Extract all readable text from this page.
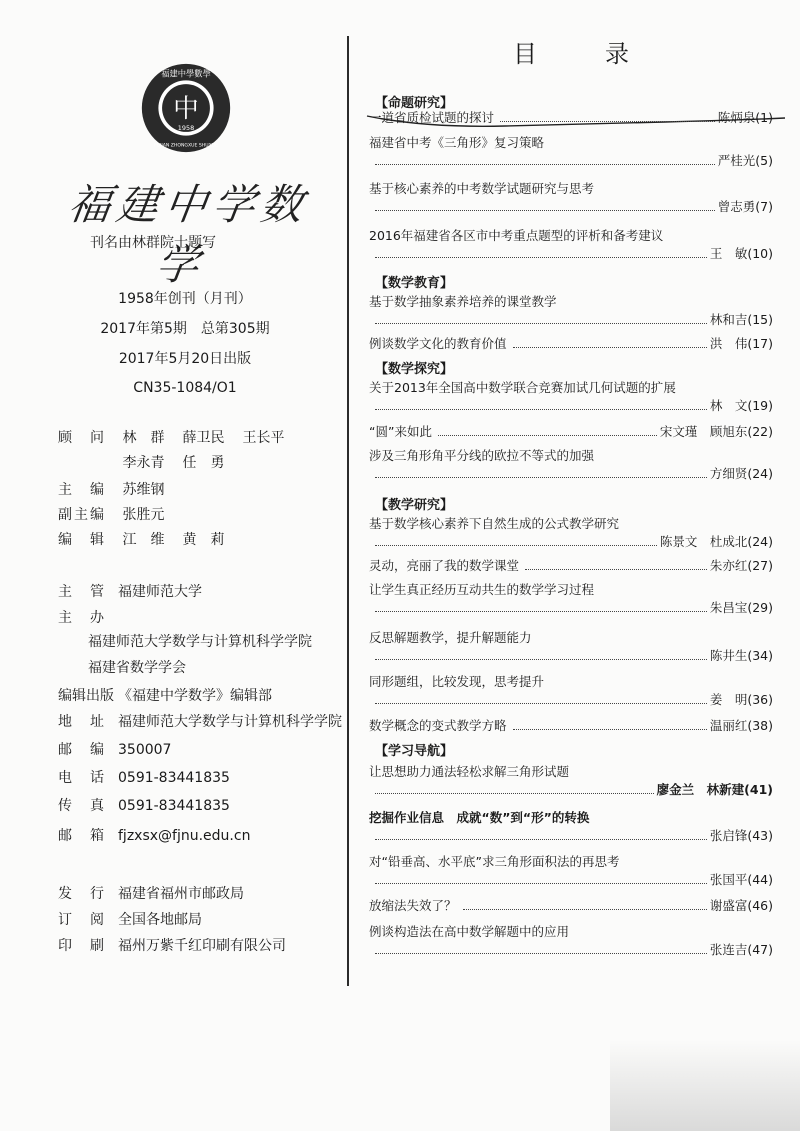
中
1958
福建中學數學
FUJIAN ZHONGXUE SHUXUE
福建中学数学
刊名由林群院士题写
1958年创刊（月刊）
2017年第5期　总第305期
2017年5月20日出版
CN35-1084/O1
顾　问 林　群 薛卫民 王长平
李永青 任　勇
主　编 苏维钢
副主编 张胜元
编　辑 江　维 黄　莉
主　管 福建师范大学
主　办
福建师范大学数学与计算机科学学院
福建省数学学会
编辑出版 《福建中学数学》编辑部
地　址 福建师范大学数学与计算机科学学院
邮　编 350007
电　话 0591-83441835
传　真 0591-83441835
邮　箱 fjzxsx@fjnu.edu.cn
发　行 福建省福州市邮政局
订　阅 全国各地邮局
印　刷 福州万紫千红印刷有限公司
目　录
【命题研究】
一道省质检试题的探讨	陈炳泉(1)
福建省中考《三角形》复习策略
严桂光(5)
基于核心素养的中考数学试题研究与思考
曾志勇(7)
2016年福建省各区市中考重点题型的评析和备考建议
王　敏(10)
【数学教育】
基于数学抽象素养培养的课堂教学
林和吉(15)
例谈数学文化的教育价值	洪　伟(17)
【数学探究】
关于2013年全国高中数学联合竞赛加试几何试题的扩展
林　文(19)
“圆”来如此	宋文瑾　顾旭东(22)
涉及三角形角平分线的欧拉不等式的加强
方细贤(24)
【教学研究】
基于数学核心素养下自然生成的公式教学研究
陈景文　杜成北(24)
灵动，亮丽了我的数学课堂	朱亦红(27)
让学生真正经历互动共生的数学学习过程
朱昌宝(29)
反思解题教学，提升解题能力
陈井生(34)
同形题组，比较发现，思考提升
姜　明(36)
数学概念的变式教学方略	温丽红(38)
【学习导航】
让思想助力通法轻松求解三角形试题
廖金兰　林新建(41)
挖掘作业信息　成就“数”到“形”的转换
张启锋(43)
对“铅垂高、水平底”求三角形面积法的再思考
张国平(44)
放缩法失效了？	谢盛富(46)
例谈构造法在高中数学解题中的应用
张连吉(47)
